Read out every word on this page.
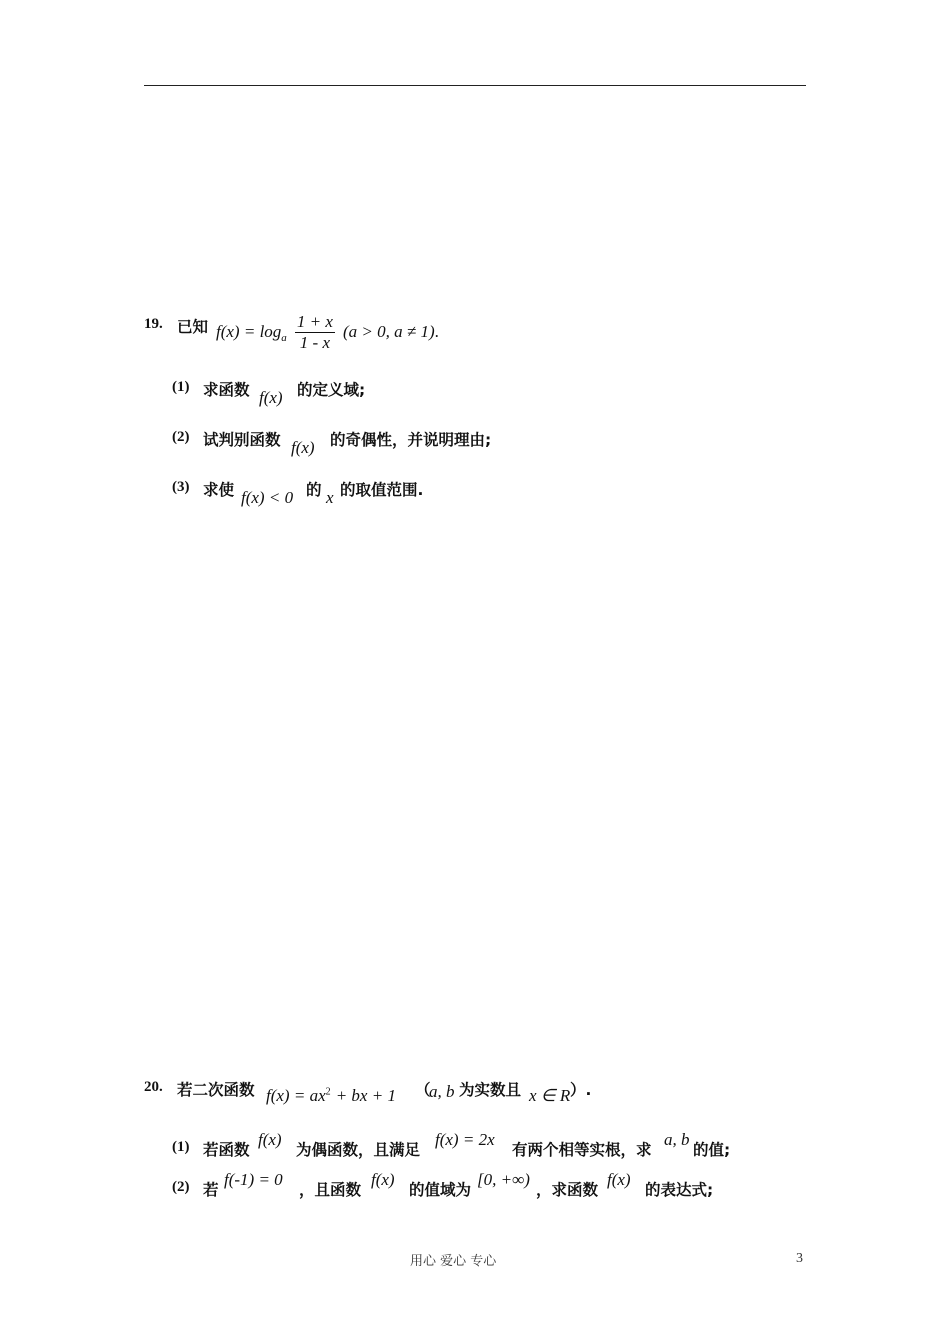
19. 已知 $f(x) = \log_a \frac{1 + x}{1 - x} (a > 0$, a ≠ 1).
(1) 求函数 f(x) 的定义域;
(2) 试判别函数 f(x) 的奇偶性，并说明理由;
(3) 求使 f(x) < 0 的 x 的取值范围.
20. 若二次函数 $f(x) = ax^2$ + bx + 1 （
a, b 为实数且 x ∈ R ）.
(1) 若函数
f(x)
为偶函数，且满足
f(x) = 2x
有两个相等实根，求
a, b
的值;
(2) 若
f(-1) = 0
，且函数
f(x)
的值域为
[0, +∞)
，求函数
f(x)
的表达式;
用心 爱心 专心	3
